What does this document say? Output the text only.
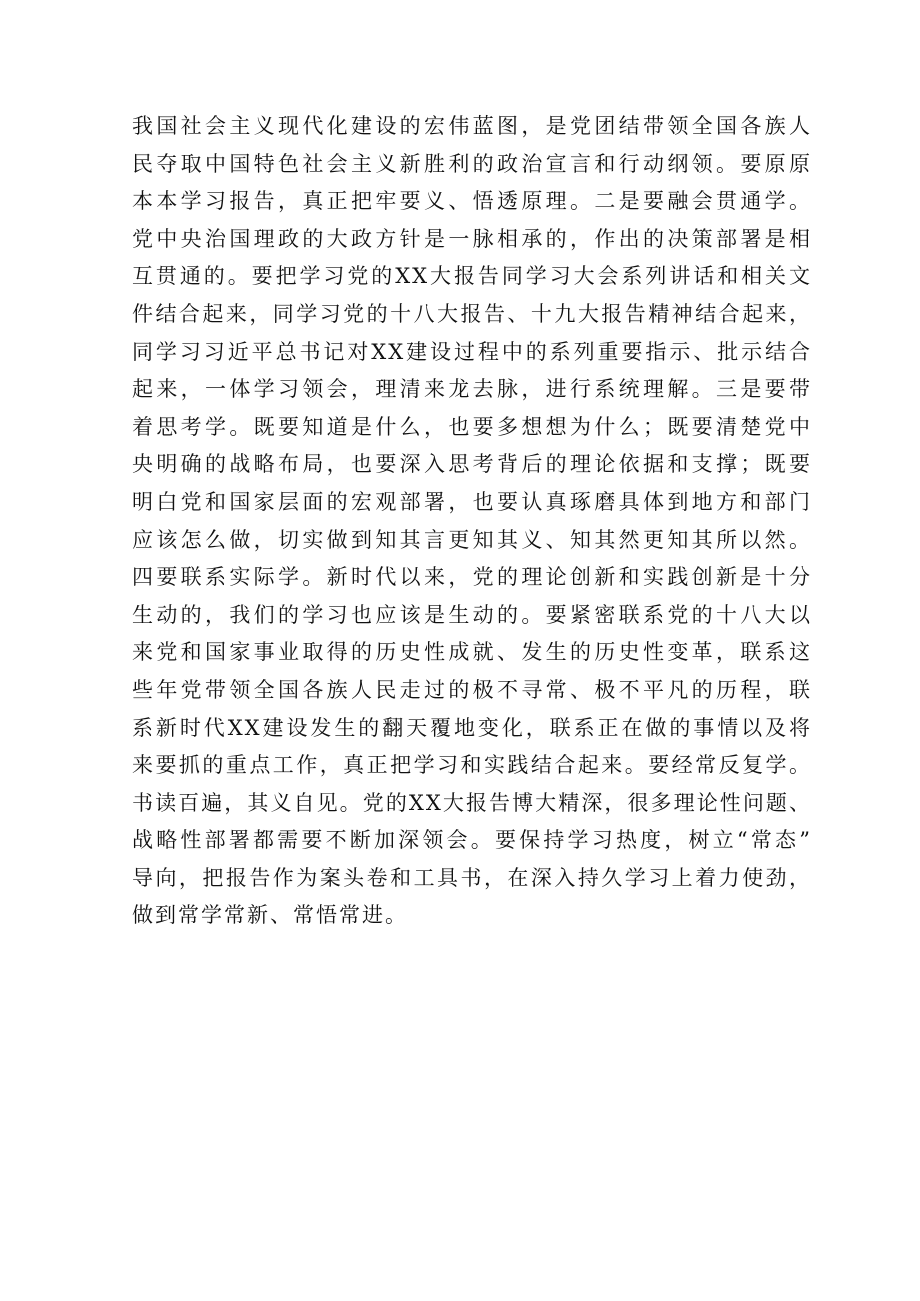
我国社会主义现代化建设的宏伟蓝图，是党团结带领全国各族人
民夺取中国特色社会主义新胜利的政治宣言和行动纲领。要原原
本本学习报告，真正把牢要义、悟透原理。二是要融会贯通学。
党中央治国理政的大政方针是一脉相承的，作出的决策部署是相
互贯通的。要把学习党的XX大报告同学习大会系列讲话和相关文
件结合起来，同学习党的十八大报告、十九大报告精神结合起来，
同学习习近平总书记对XX建设过程中的系列重要指示、批示结合
起来，一体学习领会，理清来龙去脉，进行系统理解。三是要带
着思考学。既要知道是什么，也要多想想为什么；既要清楚党中
央明确的战略布局，也要深入思考背后的理论依据和支撑；既要
明白党和国家层面的宏观部署，也要认真琢磨具体到地方和部门
应该怎么做，切实做到知其言更知其义、知其然更知其所以然。
四要联系实际学。新时代以来，党的理论创新和实践创新是十分
生动的，我们的学习也应该是生动的。要紧密联系党的十八大以
来党和国家事业取得的历史性成就、发生的历史性变革，联系这
些年党带领全国各族人民走过的极不寻常、极不平凡的历程，联
系新时代XX建设发生的翻天覆地变化，联系正在做的事情以及将
来要抓的重点工作，真正把学习和实践结合起来。要经常反复学。
书读百遍，其义自见。党的XX大报告博大精深，很多理论性问题、
战略性部署都需要不断加深领会。要保持学习热度，树立“常态”
导向，把报告作为案头卷和工具书，在深入持久学习上着力使劲，
做到常学常新、常悟常进。
